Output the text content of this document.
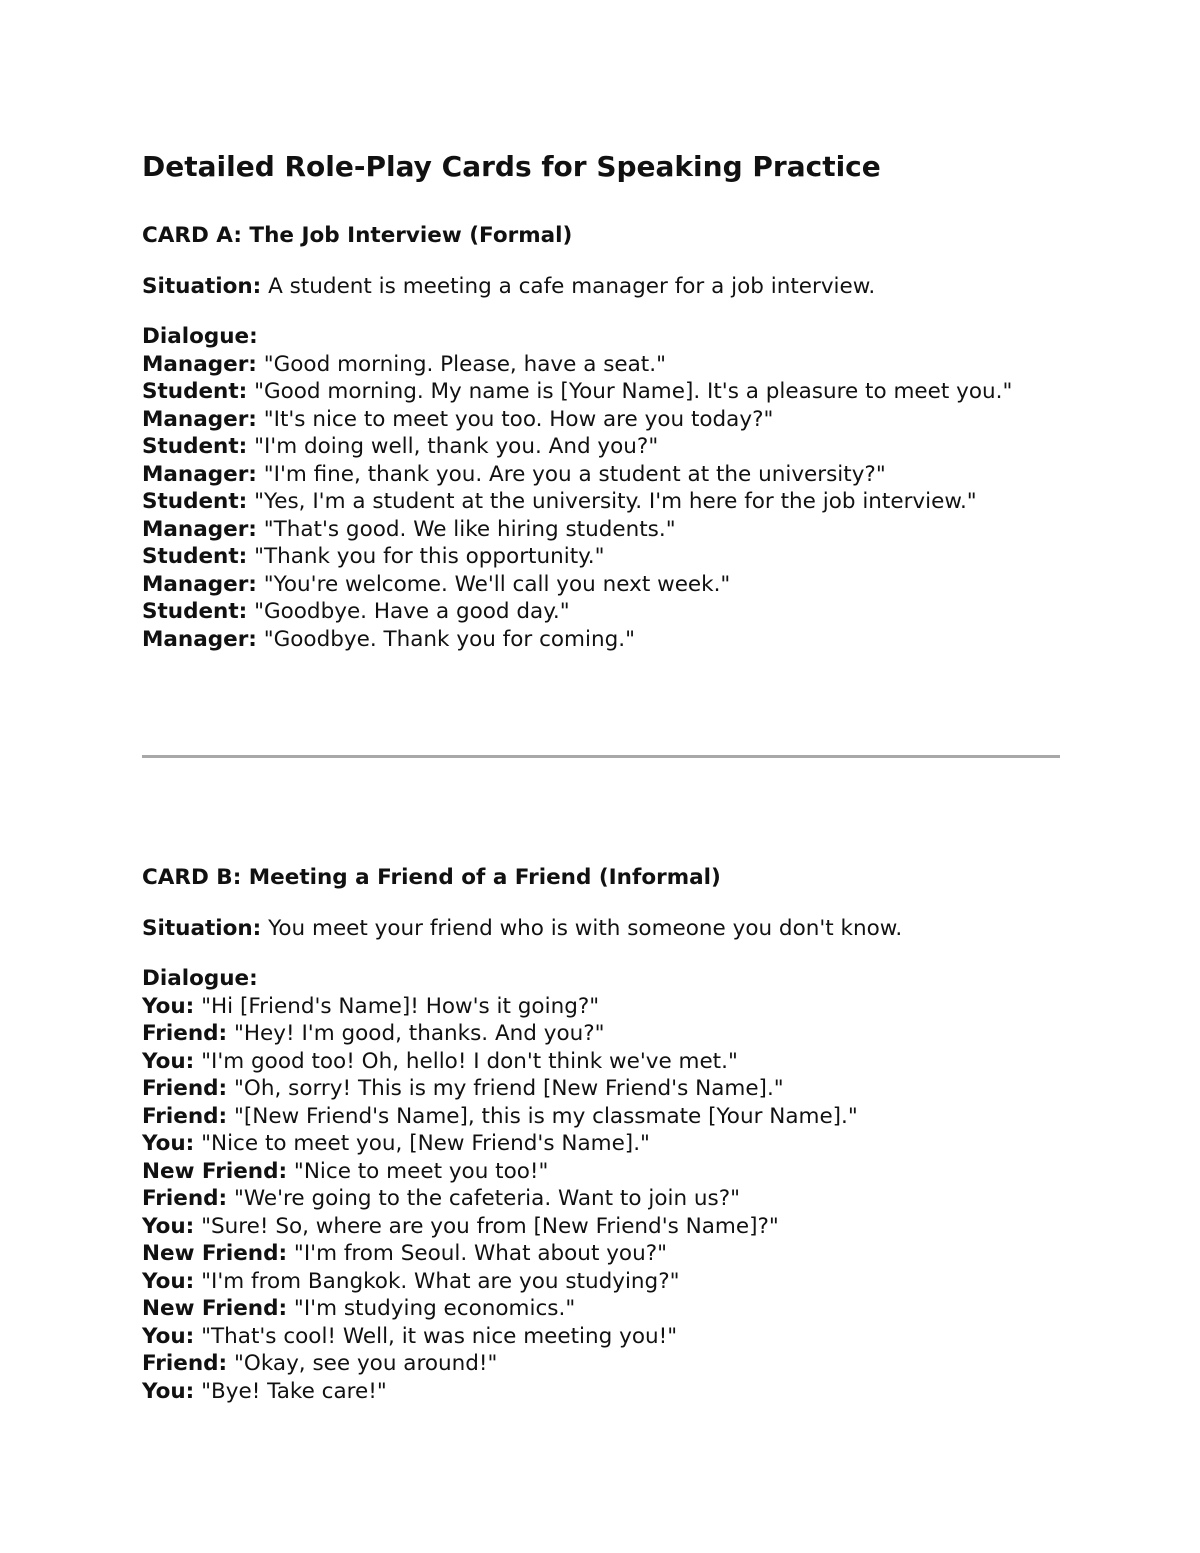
Detailed Role-Play Cards for Speaking Practice
CARD A: The Job Interview (Formal)

Situation: A student is meeting a cafe manager for a job interview.

Dialogue:

Manager: "Good morning. Please, have a seat."
Student: "Good morning. My name is [Your Name]. It's a pleasure to meet you."
Manager: "It's nice to meet you too. How are you today?"
Student: "I'm doing well, thank you. And you?"
Manager: "I'm fine, thank you. Are you a student at the university?"
Student: "Yes, I'm a student at the university. I'm here for the job interview."
Manager: "That's good. We like hiring students."
Student: "Thank you for this opportunity."
Manager: "You're welcome. We'll call you next week."
Student: "Goodbye. Have a good day."
Manager: "Goodbye. Thank you for coming."
CARD B: Meeting a Friend of a Friend (Informal)

Situation: You meet your friend who is with someone you don't know.

Dialogue:

You: "Hi [Friend's Name]! How's it going?"
Friend: "Hey! I'm good, thanks. And you?"
You: "I'm good too! Oh, hello! I don't think we've met."
Friend: "Oh, sorry! This is my friend [New Friend's Name]."
Friend: "[New Friend's Name], this is my classmate [Your Name]."
You: "Nice to meet you, [New Friend's Name]."
New Friend: "Nice to meet you too!"
Friend: "We're going to the cafeteria. Want to join us?"
You: "Sure! So, where are you from [New Friend's Name]?"
New Friend: "I'm from Seoul. What about you?"
You: "I'm from Bangkok. What are you studying?"
New Friend: "I'm studying economics."
You: "That's cool! Well, it was nice meeting you!"
Friend: "Okay, see you around!"
You: "Bye! Take care!"
